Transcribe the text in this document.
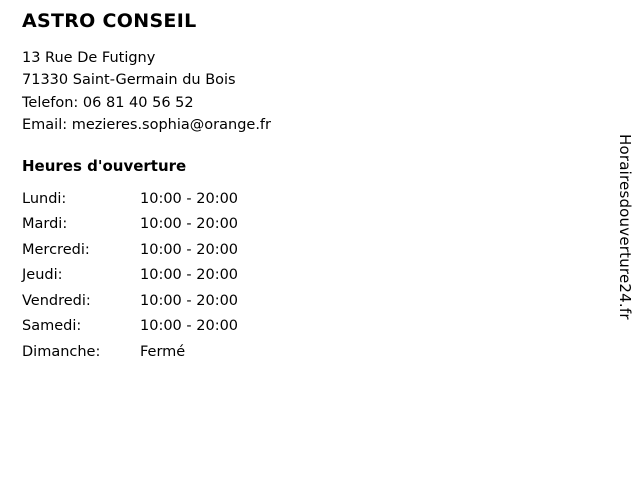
ASTRO CONSEIL
13 Rue De Futigny
71330 Saint-Germain du Bois
Telefon: 06 81 40 56 52
Email: mezieres.sophia@orange.fr
Heures d'ouverture
Lundi:	10:00 - 20:00
Mardi:	10:00 - 20:00
Mercredi:	10:00 - 20:00
Jeudi:	10:00 - 20:00
Vendredi:	10:00 - 20:00
Samedi:	10:00 - 20:00
Dimanche:	Fermé
Horairesdouverture24.fr
